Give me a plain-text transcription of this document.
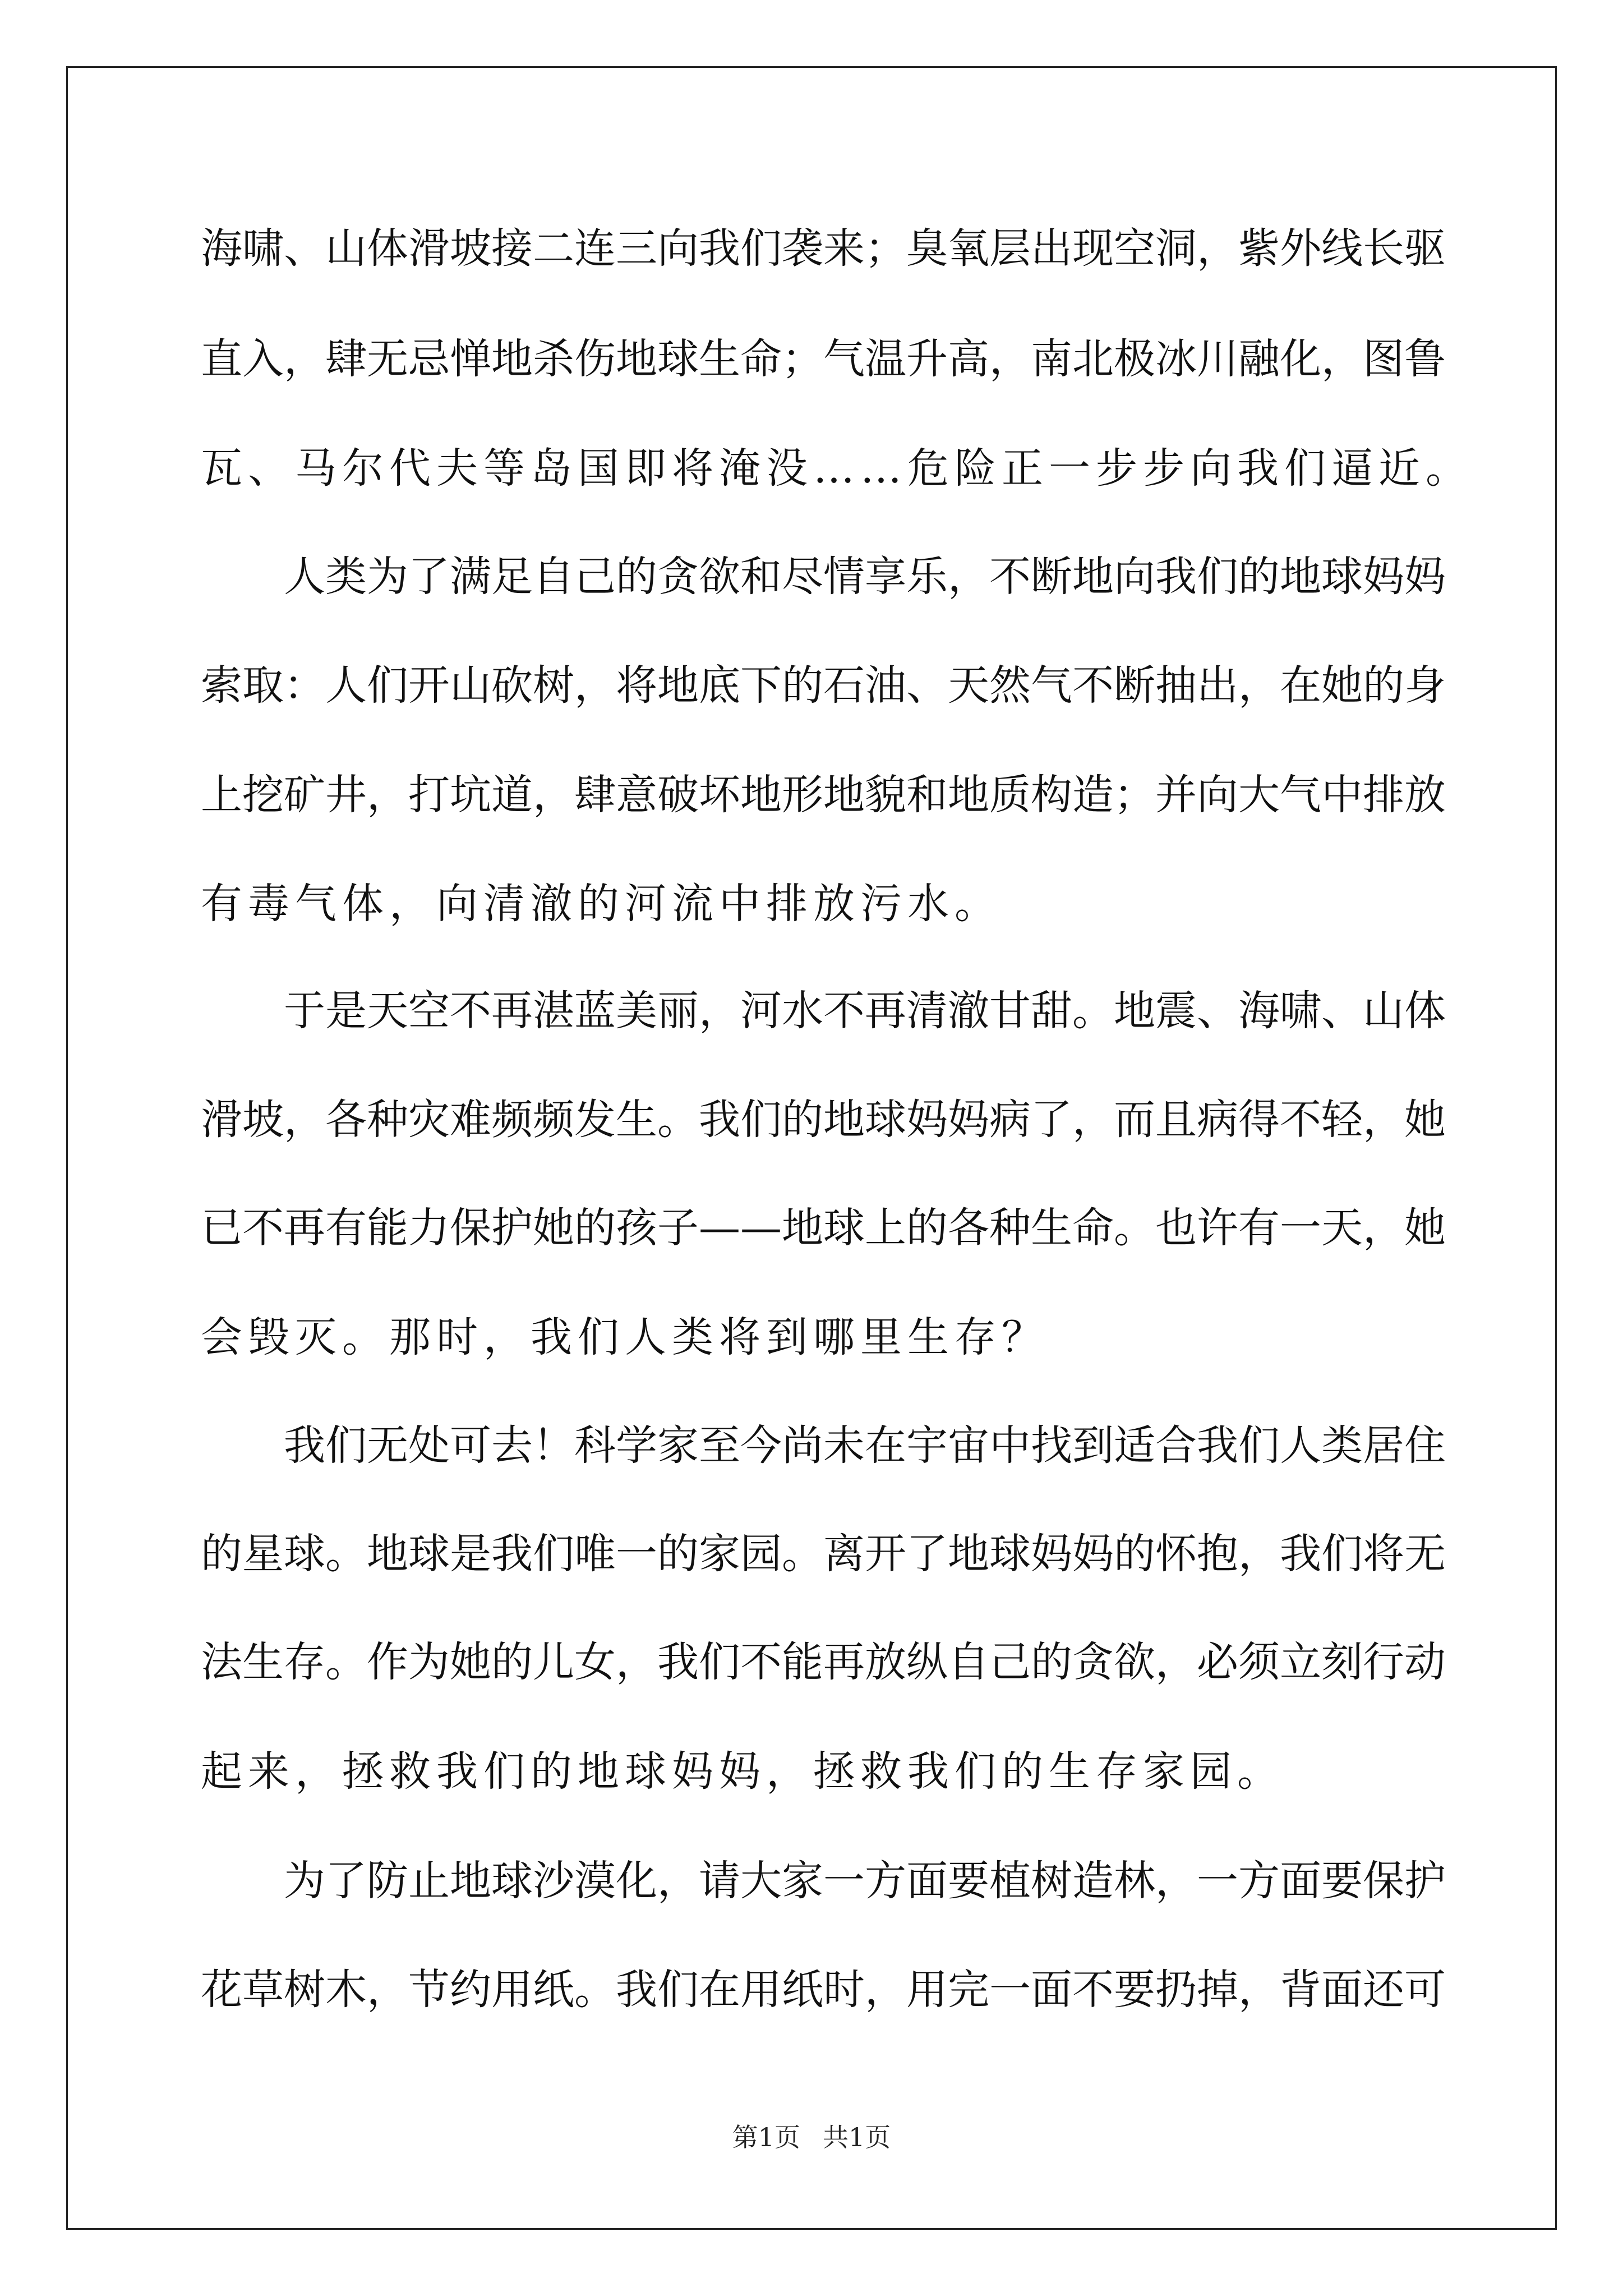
海 啸 、 山 体 滑 坡 接 二 连 三 向 我 们 袭 来 ； 臭 氧 层 出 现 空 洞 ， 紫 外 线 长 驱
直 入 ， 肆 无 忌 惮 地 杀 伤 地 球 生 命 ； 气 温 升 高 ， 南 北 极 冰 川 融 化 ， 图 鲁
瓦、马尔代夫等岛国即将淹没……危险正一步步向我们逼近。

人 类 为 了 满 足 自 己 的 贪 欲 和 尽 情 享 乐 ， 不 断 地 向 我 们 的 地 球 妈 妈
索 取 ： 人 们 开 山 砍 树 ， 将 地 底 下 的 石 油 、 天 然 气 不 断 抽 出 ， 在 她 的 身
上 挖 矿 井 ， 打 坑 道 ， 肆 意 破 坏 地 形 地 貌 和 地 质 构 造 ； 并 向 大 气 中 排 放
有毒气体，向清澈的河流中排放污水。

于 是 天 空 不 再 湛 蓝 美 丽 ， 河 水 不 再 清 澈 甘 甜 。 地 震 、 海 啸 、 山 体
滑 坡 ， 各 种 灾 难 频 频 发 生 。 我 们 的 地 球 妈 妈 病 了 ， 而 且 病 得 不 轻 ， 她
已 不 再 有 能 力 保 护 她 的 孩 子 — — 地 球 上 的 各 种 生 命 。 也 许 有 一 天 ， 她
会毁灭。那时，我们人类将到哪里生存？

我 们 无 处 可 去 ！ 科 学 家 至 今 尚 未 在 宇 宙 中 找 到 适 合 我 们 人 类 居 住
的 星 球 。 地 球 是 我 们 唯 一 的 家 园 。 离 开 了 地 球 妈 妈 的 怀 抱 ， 我 们 将 无
法 生 存 。 作 为 她 的 儿 女 ， 我 们 不 能 再 放 纵 自 己 的 贪 欲 ， 必 须 立 刻 行 动
起来，拯救我们的地球妈妈，拯救我们的生存家园。

为 了 防 止 地 球 沙 漠 化 ， 请 大 家 一 方 面 要 植 树 造 林 ， 一 方 面 要 保 护
花 草 树 木 ， 节 约 用 纸 。 我 们 在 用 纸 时 ， 用 完 一 面 不 要 扔 掉 ， 背 面 还 可
第1页 共1页
